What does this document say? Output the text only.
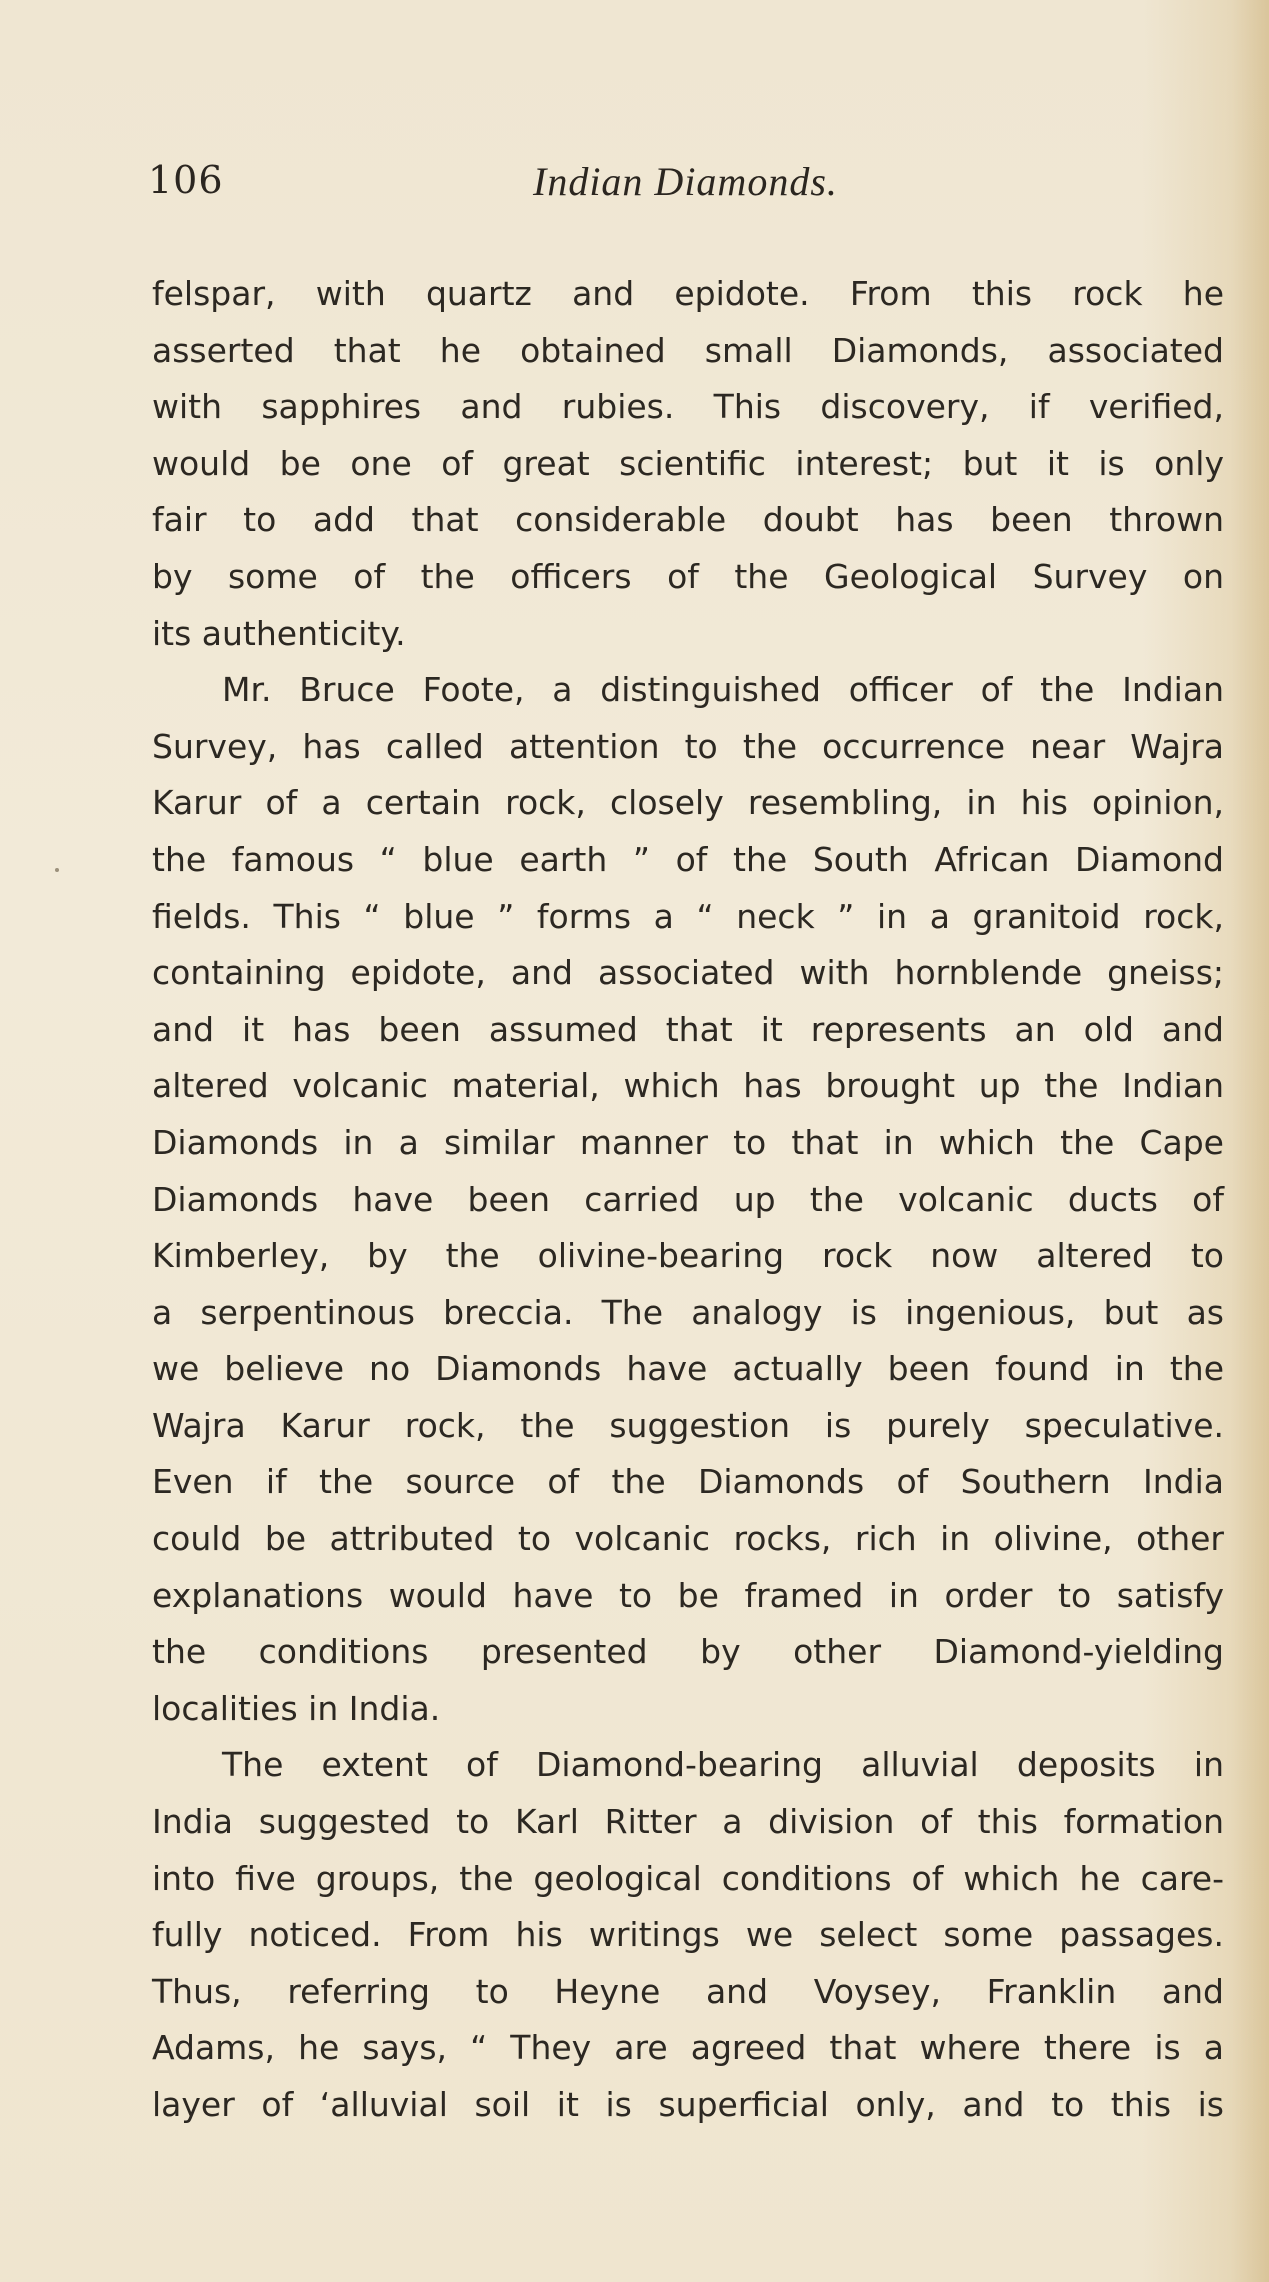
106	Indian Diamonds.
felspar, with quartz and epidote. From this rock he
asserted that he obtained small Diamonds, associated
with sapphires and rubies. This discovery, if verified,
would be one of great scientific interest; but it is only
fair to add that considerable doubt has been thrown
by some of the officers of the Geological Survey on
its authenticity.
Mr. Bruce Foote, a distinguished officer of the Indian
Survey, has called attention to the occurrence near Wajra
Karur of a certain rock, closely resembling, in his opinion,
the famous “ blue earth ” of the South African Diamond
fields. This “ blue ” forms a “ neck ” in a granitoid rock,
containing epidote, and associated with hornblende gneiss;
and it has been assumed that it represents an old and
altered volcanic material, which has brought up the Indian
Diamonds in a similar manner to that in which the Cape
Diamonds have been carried up the volcanic ducts of
Kimberley, by the olivine-bearing rock now altered to
a serpentinous breccia. The analogy is ingenious, but as
we believe no Diamonds have actually been found in the
Wajra Karur rock, the suggestion is purely speculative.
Even if the source of the Diamonds of Southern India
could be attributed to volcanic rocks, rich in olivine, other
explanations would have to be framed in order to satisfy
the conditions presented by other Diamond-yielding
localities in India.
The extent of Diamond-bearing alluvial deposits in
India suggested to Karl Ritter a division of this formation
into five groups, the geological conditions of which he care-
fully noticed. From his writings we select some passages.
Thus, referring to Heyne and Voysey, Franklin and
Adams, he says, “ They are agreed that where there is a
layer of ‘alluvial soil it is superficial only, and to this is
